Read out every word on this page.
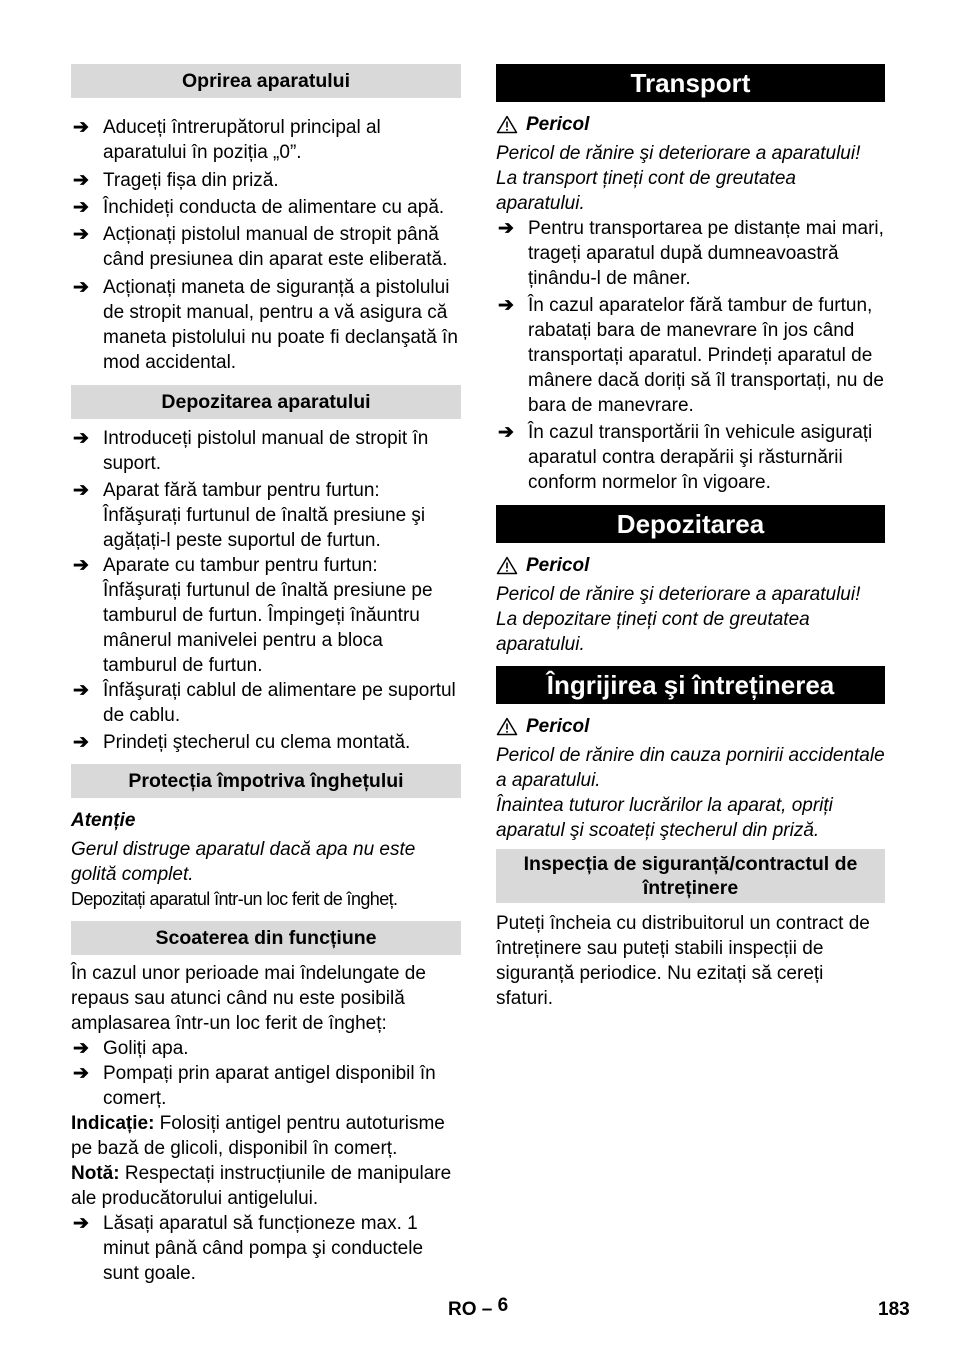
Oprirea aparatului
➔ Aduceți întrerupătorul principal al aparatului în poziția „0”.
➔ Trageți fișa din priză.
➔ Închideți conducta de alimentare cu apă.
➔ Acționați pistolul manual de stropit până când presiunea din aparat este eliberată.
➔ Acționați maneta de siguranță a pistolului de stropit manual, pentru a vă asigura că maneta pistolului nu poate fi declanşată în mod accidental.
Depozitarea aparatului
➔ Introduceți pistolul manual de stropit în suport.
➔ Aparat fără tambur pentru furtun: Înfăşurați furtunul de înaltă presiune şi agățați-l peste suportul de furtun.
➔ Aparate cu tambur pentru furtun: Înfăşurați furtunul de înaltă presiune pe tamburul de furtun. Împingeți înăuntru mânerul manivelei pentru a bloca tamburul de furtun.
➔ Înfăşurați cablul de alimentare pe suportul de cablu.
➔ Prindeți ştecherul cu clema montată.
Protecția împotriva înghețului

Atenție

Gerul distruge aparatul dacă apa nu este golită complet.

Depozitați aparatul într-un loc ferit de îngheț.

Scoaterea din funcțiune

În cazul unor perioade mai îndelungate de repaus sau atunci când nu este posibilă amplasarea într-un loc ferit de îngheț:

➔ Goliți apa.
➔ Pompați prin aparat antigel disponibil în comerț.

Indicație: Folosiți antigel pentru autoturisme pe bază de glicoli, disponibil în comerț.

Notă: Respectați instrucțiunile de manipulare ale producătorului antigelului.

➔ Lăsați aparatul să funcționeze max. 1 minut până când pompa şi conductele sunt goale.
Transport
Pericol

Pericol de rănire şi deteriorare a aparatului! La transport țineți cont de greutatea aparatului.

➔ Pentru transportarea pe distanțe mai mari, trageți aparatul după dumneavoastră ținându-l de mâner.
➔ În cazul aparatelor fără tambur de furtun, rabatați bara de manevrare în jos când transportați aparatul. Prindeți aparatul de mânere dacă doriți să îl transportați, nu de bara de manevrare.
➔ În cazul transportării în vehicule asigurați aparatul contra derapării şi răsturnării conform normelor în vigoare.
Depozitarea
Pericol

Pericol de rănire şi deteriorare a aparatului! La depozitare țineți cont de greutatea aparatului.

Îngrijirea şi întreținerea
Pericol

Pericol de rănire din cauza pornirii accidentale a aparatului.

Înaintea tuturor lucrărilor la aparat, opriți aparatul şi scoateți ştecherul din priză.

Inspecția de siguranță/contractul de întreținere

Puteți încheia cu distribuitorul un contract de întreținere sau puteți stabili inspecții de siguranță periodice. Nu ezitați să cereți sfaturi.

RO – 6	183
